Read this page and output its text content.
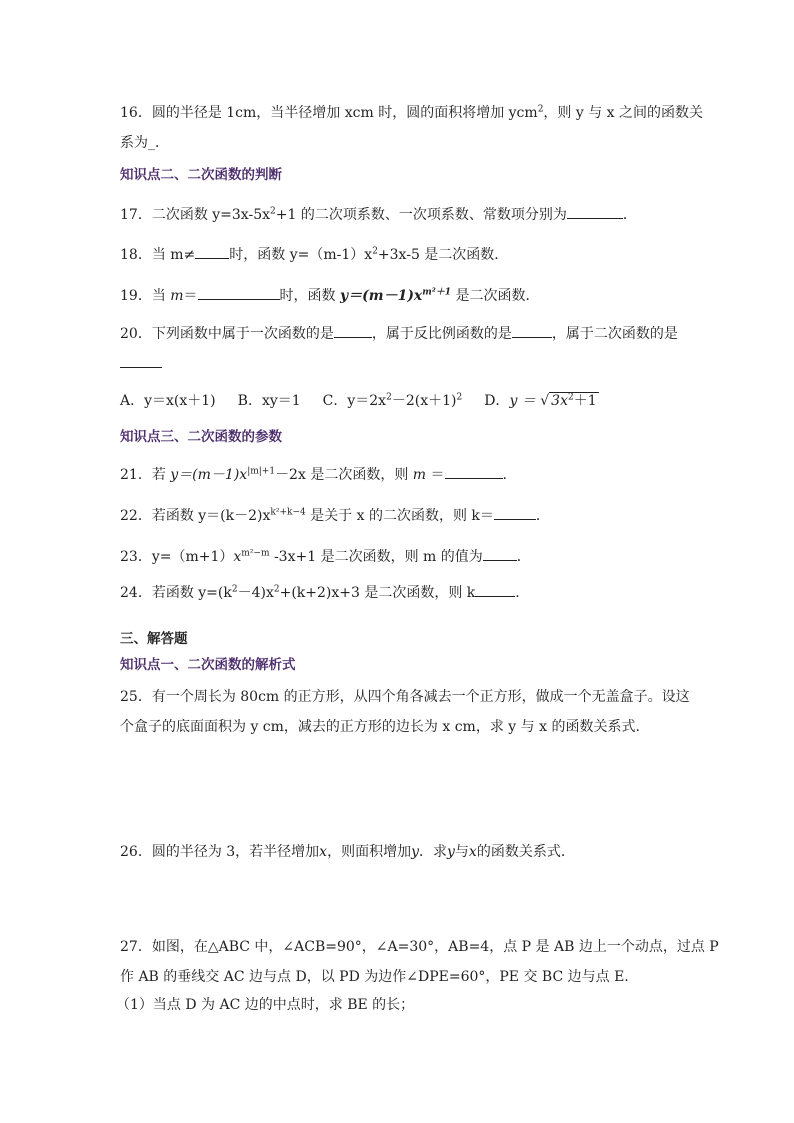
16．圆的半径是 1cm，当半径增加 xcm 时，圆的面积将增加 ycm$^2$，则 y 与 x 之间的函数关
系为_．
知识点二、二次函数的判断
17．二次函数 $y=3x-5x^2+1$ 的二次项系数、一次项系数、常数项分别为	．
18．当 m≠ 时，函数 $y=(m-1)x^2+3x-5$ 是二次函数．
19．当 m＝	时，函数 $y=(m-1)x^{m^2+1}$ 是二次函数．
20．下列函数中属于一次函数的是	，属于反比例函数的是	，属于二次函数的是
A．y＝x(x＋1) B．xy＝1 C．$y=2x^2-2(x+1)^2$ D．y ＝ √ $3x^2+1$
知识点三、二次函数的参数
21．若 $y=(m-1)x^{|m|+1}-2x$ 是二次函数，则 m ＝	.
22．若函数 $y=(k-2)x^{k^2+k-4}$ 是关于 x 的二次函数，则 k＝	．
23．$y=(m+1)x^{m^2-m}$ -3x+1 是二次函数，则 m 的值为 ．
24．若函数 $y=(k^2-4)x^2+(k+2)x+3$ 是二次函数，则 k	.
三、解答题
知识点一、二次函数的解析式
25．有一个周长为 80cm 的正方形，从四个角各减去一个正方形，做成一个无盖盒子。设这
个盒子的底面面积为 y cm，减去的正方形的边长为 x cm，求 y 与 x 的函数关系式.
26．圆的半径为 3，若半径增加x，则面积增加y．求y与x的函数关系式．
27．如图，在△ABC 中，∠ACB=90°，∠A=30°，AB=4，点 P 是 AB 边上一个动点，过点 P
作 AB 的垂线交 AC 边与点 D，以 PD 为边作∠DPE=60°，PE 交 BC 边与点 E.
（1）当点 D 为 AC 边的中点时，求 BE 的长；
